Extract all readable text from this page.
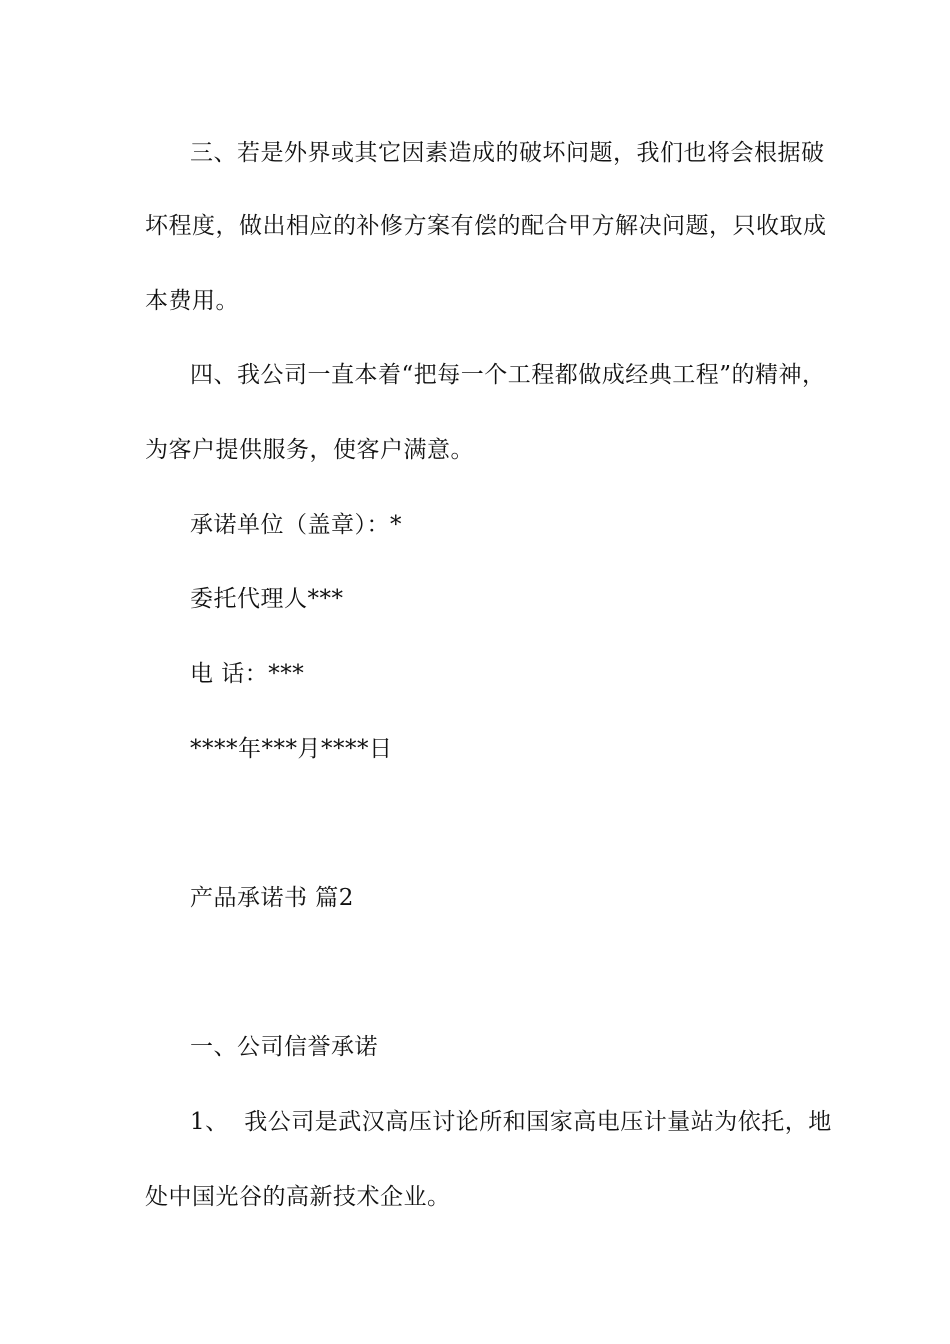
三、若是外界或其它因素造成的破坏问题，我们也将会根据破
坏程度，做出相应的补修方案有偿的配合甲方解决问题，只收取成
本费用。
四、我公司一直本着“把每一个工程都做成经典工程”的精神，
为客户提供服务，使客户满意。
承诺单位（盖章）：*
委托代理人***
电 话：***
****年***月****日
产品承诺书 篇2
一、公司信誉承诺
1、  我公司是武汉高压讨论所和国家高电压计量站为依托，地
处中国光谷的高新技术企业。
